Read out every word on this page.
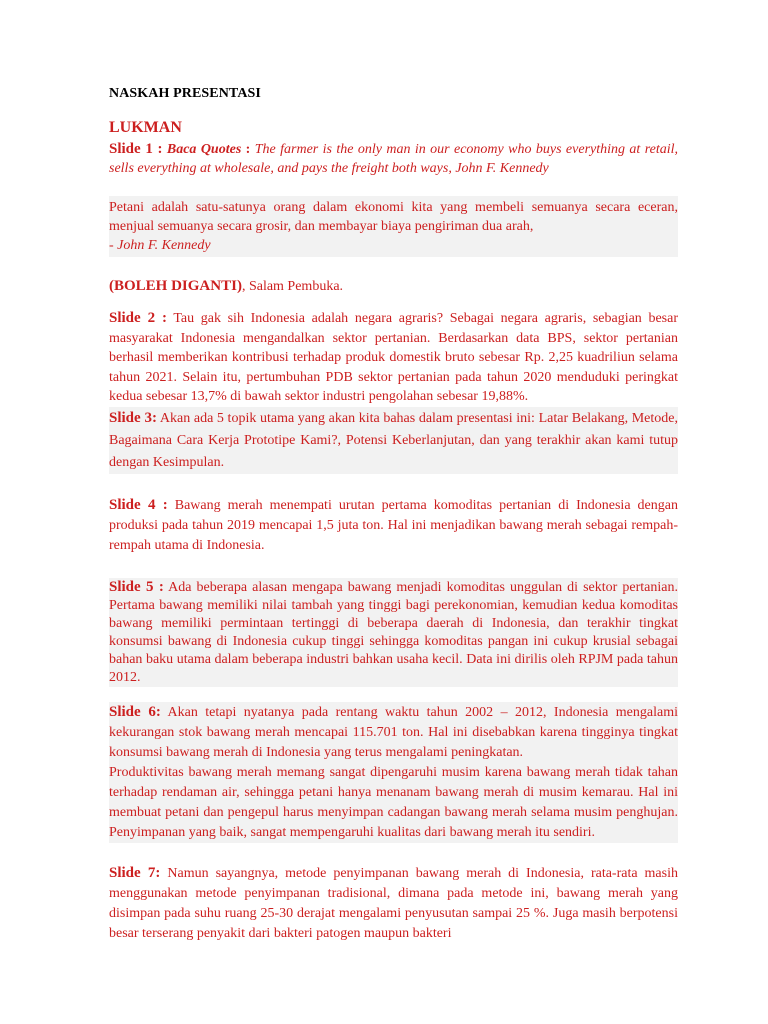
NASKAH PRESENTASI
LUKMAN

Slide 1 : Baca Quotes : The farmer is the only man in our economy who buys everything at retail, sells everything at wholesale, and pays the freight both ways, John F. Kennedy

Petani adalah satu-satunya orang dalam ekonomi kita yang membeli semuanya secara eceran, menjual semuanya secara grosir, dan membayar biaya pengiriman dua arah,
- John F. Kennedy

(BOLEH DIGANTI), Salam Pembuka.

Slide 2 : Tau gak sih Indonesia adalah negara agraris? Sebagai negara agraris, sebagian besar masyarakat Indonesia mengandalkan sektor pertanian. Berdasarkan data BPS, sektor pertanian berhasil memberikan kontribusi terhadap produk domestik bruto sebesar Rp. 2,25 kuadriliun selama tahun 2021. Selain itu, pertumbuhan PDB sektor pertanian pada tahun 2020 menduduki peringkat kedua sebesar 13,7% di bawah sektor industri pengolahan sebesar 19,88%.

Slide 3: Akan ada 5 topik utama yang akan kita bahas dalam presentasi ini: Latar Belakang, Metode, Bagaimana Cara Kerja Prototipe Kami?, Potensi Keberlanjutan, dan yang terakhir akan kami tutup dengan Kesimpulan.

Slide 4 : Bawang merah menempati urutan pertama komoditas pertanian di Indonesia dengan produksi pada tahun 2019 mencapai 1,5 juta ton. Hal ini menjadikan bawang merah sebagai rempah-rempah utama di Indonesia.

Slide 5 : Ada beberapa alasan mengapa bawang menjadi komoditas unggulan di sektor pertanian. Pertama bawang memiliki nilai tambah yang tinggi bagi perekonomian, kemudian kedua komoditas bawang memiliki permintaan tertinggi di beberapa daerah di Indonesia, dan terakhir tingkat konsumsi bawang di Indonesia cukup tinggi sehingga komoditas pangan ini cukup krusial sebagai bahan baku utama dalam beberapa industri bahkan usaha kecil. Data ini dirilis oleh RPJM pada tahun 2012.

Slide 6: Akan tetapi nyatanya pada rentang waktu tahun 2002 – 2012, Indonesia mengalami kekurangan stok bawang merah mencapai 115.701 ton. Hal ini disebabkan karena tingginya tingkat konsumsi bawang merah di Indonesia yang terus mengalami peningkatan.

Produktivitas bawang merah memang sangat dipengaruhi musim karena bawang merah tidak tahan terhadap rendaman air, sehingga petani hanya menanam bawang merah di musim kemarau. Hal ini membuat petani dan pengepul harus menyimpan cadangan bawang merah selama musim penghujan. Penyimpanan yang baik, sangat mempengaruhi kualitas dari bawang merah itu sendiri.

Slide 7: Namun sayangnya, metode penyimpanan bawang merah di Indonesia, rata-rata masih menggunakan metode penyimpanan tradisional, dimana pada metode ini, bawang merah yang disimpan pada suhu ruang 25-30 derajat mengalami penyusutan sampai 25 %. Juga masih berpotensi besar terserang penyakit dari bakteri patogen maupun bakteri
